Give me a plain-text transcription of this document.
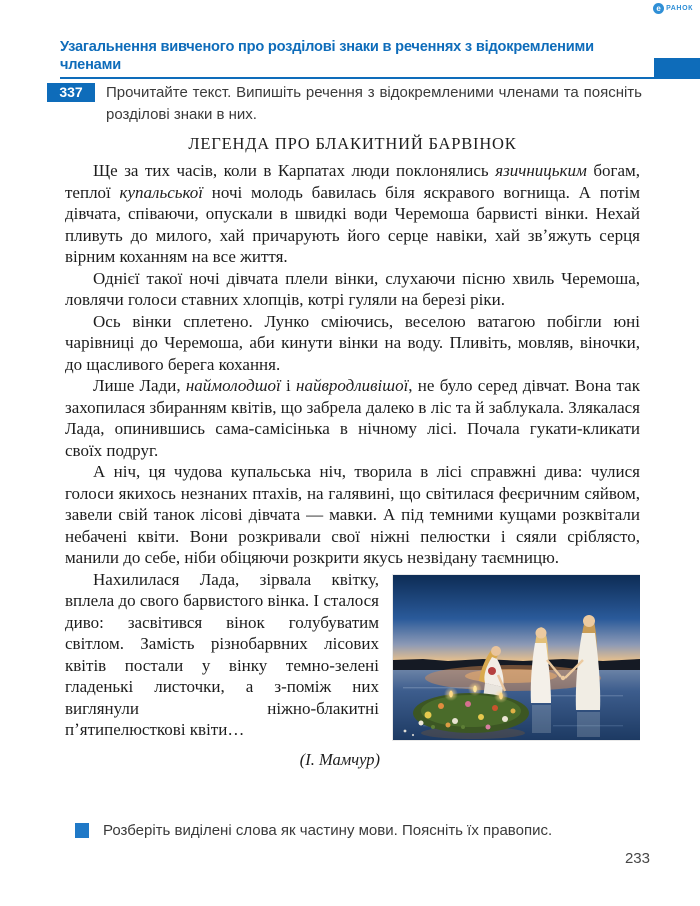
е РАНОК
Узагальнення вивченого про розділові знаки в реченнях з відокремленими членами
337	Прочитайте текст. Випишіть речення з відокремленими членами та поясніть розділові знаки в них.

ЛЕГЕНДА ПРО БЛАКИТНИЙ БАРВІНОК

Ще за тих часів, коли в Карпатах люди поклонялись язичницьким богам, теплої купальської ночі молодь бавилась біля яскравого вогнища. А потім дівчата, співаючи, опускали в швидкі води Черемоша барвисті вінки. Нехай пливуть до милого, хай причарують його серце навіки, хай звʼяжуть серця вірним коханням на все життя.

Однієї такої ночі дівчата плели вінки, слухаючи пісню хвиль Черемоша, ловлячи голоси ставних хлопців, котрі гуляли на березі ріки.

Ось вінки сплетено. Лунко сміючись, веселою ватагою побігли юні чарівниці до Черемоша, аби кинути вінки на воду. Пливіть, мовляв, віночки, до щасливого берега кохання.

Лише Лади, наймолодшої і найвродливішої, не було серед дівчат. Вона так захопилася збиранням квітів, що забрела далеко в ліс та й заблукала. Злякалася Лада, опинившись сама-самісінька в нічному лісі. Почала гукати-кликати своїх подруг.

А ніч, ця чудова купальська ніч, творила в лісі справжні дива: чулися голоси якихось незнаних птахів, на галявині, що світилася феєричним сяйвом, завели свій танок лісові дівчата — мавки. А під темними кущами розквітали небачені квіти. Вони розкривали свої ніжні пелюстки і сяяли сріблясто, манили до себе, ніби обіцяючи розкрити якусь незвідану таємницю.

Нахилилася Лада, зірвала квітку, вплела до свого барвистого вінка. І сталося диво: засвітився вінок голубуватим світлом. Замість різнобарвних лісових квітів постали у вінку темно-зелені гладенькі листочки, а з-поміж них виглянули ніжно-блакитні пʼятипелюсткові квіти…

(І. Мамчур)

Розберіть виділені слова як частину мови. Поясніть їх правопис.

233
